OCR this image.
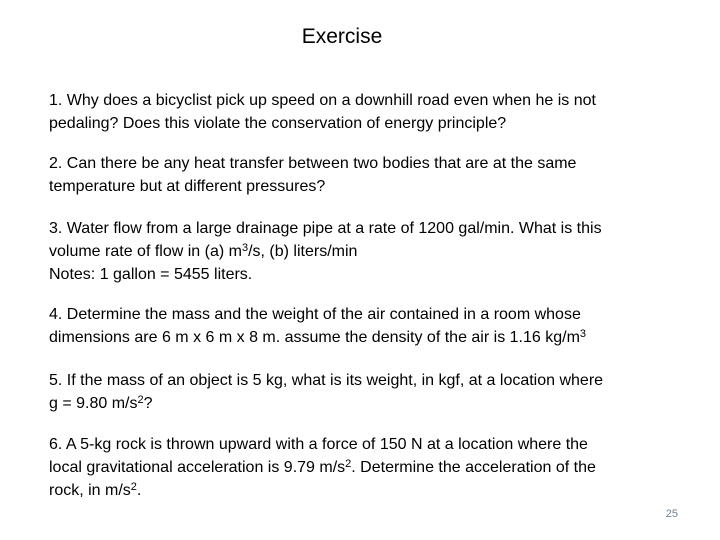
Exercise
1. Why does a bicyclist pick up speed on a downhill road even when he is not
pedaling? Does this violate the conservation of energy principle?
2. Can there be any heat transfer between two bodies that are at the same
temperature but at different pressures?
3. Water flow from a large drainage pipe at a rate of 1200 gal/min. What is this
volume rate of flow in (a) $m^3/s$, (b) liters/min
Notes: 1 gallon = 5455 liters.
4. Determine the mass and the weight of the air contained in a room whose
dimensions are 6 m x 6 m x 8 m. assume the density of the air is 1.16 $kg/m^3$
5. If the mass of an object is 5 kg, what is its weight, in kgf, at a location where
g = 9.80 $m/s^2$?
6. A 5-kg rock is thrown upward with a force of 150 N at a location where the
local gravitational acceleration is 9.79 $m/s^2$. Determine the acceleration of the
rock, in $m/s^2$.
25
